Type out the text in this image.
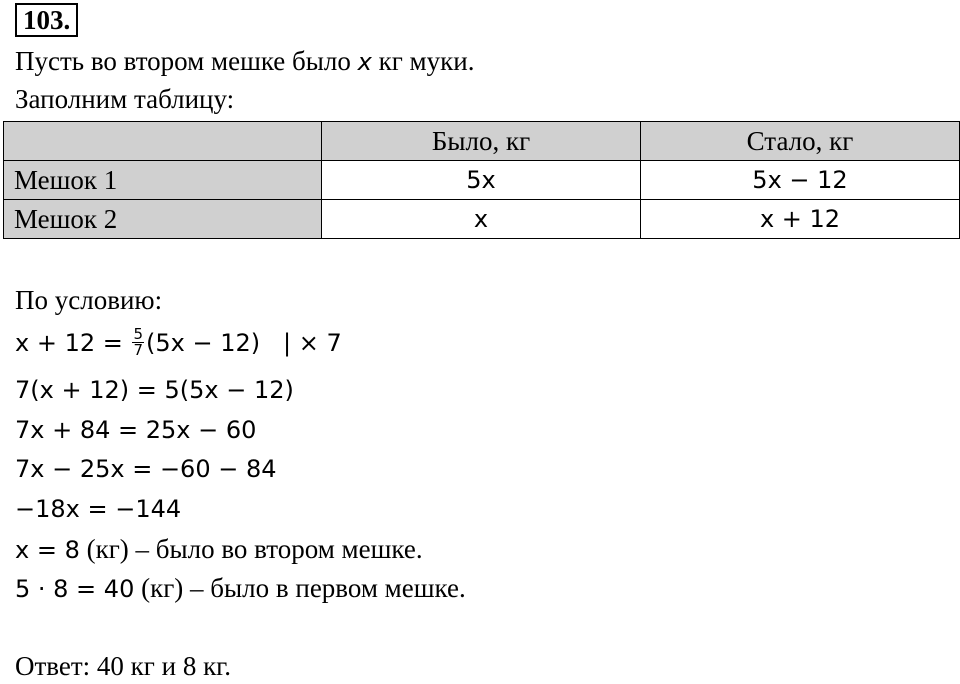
103.
Пусть во втором мешке было x кг муки.
Заполним таблицу:
	Было, кг	Стало, кг
Мешок 1	5x	5x − 12
Мешок 2	x	x + 12
По условию:
$x + 12 = \frac{5}{7} (5x - 12)$   | × 7
7(x + 12) = 5(5x − 12)
7x + 84 = 25x − 60
7x − 25x = −60 − 84
−18x = −144
x = 8 (кг) – было во втором мешке.
5 · 8 = 40 (кг) – было в первом мешке.
Ответ: 40 кг и 8 кг.
